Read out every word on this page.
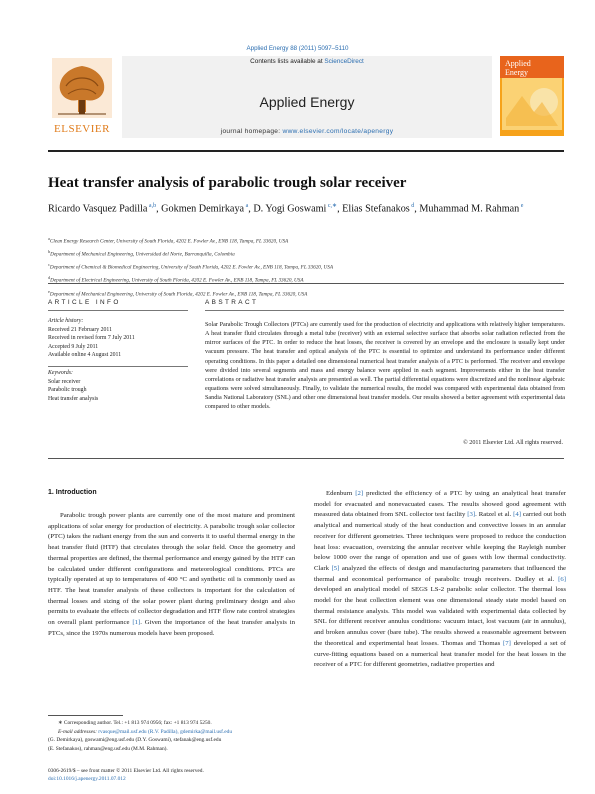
Applied Energy 88 (2011) 5097–5110
ELSEVIER
Contents lists available at ScienceDirect
Applied Energy
journal homepage: www.elsevier.com/locate/apenergy
Applied
Energy
Heat transfer analysis of parabolic trough solar receiver
Ricardo Vasquez Padilla $^{a,b}$, Gokmen Demirkaya $^a$, D. Yogi Goswami $^{c,∗}$, Elias Stefanakos $^d$, Muhammad M. Rahman $^e$
$^a$Clean Energy Research Center, University of South Florida, 4202 E. Fowler Av., ENB 118, Tampa, FL 33620, USA
$^b$Department of Mechanical Engineering, Universidad del Norte, Barranquilla, Colombia
$^c$Department of Chemical & Biomedical Engineering, University of South Florida, 4202 E. Fowler Av., ENB 118, Tampa, FL 33620, USA
$^d$Department of Electrical Engineering, University of South Florida, 4202 E. Fowler Av., ENB 118, Tampa, FL 33620, USA
$^e$Department of Mechanical Engineering, University of South Florida, 4202 E. Fowler Av., ENB 118, Tampa, FL 33620, USA
ARTICLE INFO	ABSTRACT
Article history:
Received 21 February 2011
Received in revised form 7 July 2011
Accepted 9 July 2011
Available online 4 August 2011
Keywords:
Solar receiver
Parabolic trough
Heat transfer analysis

Solar Parabolic Trough Collectors (PTCs) are currently used for the production of electricity and applications with relatively higher temperatures. A heat transfer fluid circulates through a metal tube (receiver) with an external selective surface that absorbs solar radiation reflected from the mirror surfaces of the PTC. In order to reduce the heat losses, the receiver is covered by an envelope and the enclosure is usually kept under vacuum pressure. The heat transfer and optical analysis of the PTC is essential to optimize and understand its performance under different operating conditions. In this paper a detailed one dimensional numerical heat transfer analysis of a PTC is performed. The receiver and envelope were divided into several segments and mass and energy balance were applied in each segment. Improvements either in the heat transfer correlations or radiative heat transfer analysis are presented as well. The partial differential equations were discretized and the nonlinear algebraic equations were solved simultaneously. Finally, to validate the numerical results, the model was compared with experimental data obtained from Sandia National Laboratory (SNL) and other one dimensional heat transfer models. Our results showed a better agreement with experimental data compared to other models.

© 2011 Elsevier Ltd. All rights reserved.
1. Introduction

Parabolic trough power plants are currently one of the most mature and prominent applications of solar energy for production of electricity. A parabolic trough solar collector (PTC) takes the radiant energy from the sun and converts it to useful thermal energy in the heat transfer fluid (HTF) that circulates through the solar field. Once the geometry and thermal properties are defined, the thermal performance and energy gained by the HTF can be calculated under different configurations and meteorological conditions. PTCs are typically operated at up to temperatures of 400 °C and synthetic oil is commonly used as HTF. The heat transfer analysis of these collectors is important for the calculation of thermal losses and sizing of the solar power plant during preliminary design and also permits to evaluate the effects of collector degradation and HTF flow rate control strategies on overall plant performance [1]. Given the importance of the heat transfer analysis in PTCs, since the 1970s numerous models have been proposed.

Edenburn [2] predicted the efficiency of a PTC by using an analytical heat transfer model for evacuated and nonevacuated cases. The results showed good agreement with measured data obtained from SNL collector test facility [3]. Ratzel et al. [4] carried out both analytical and numerical study of the heat conduction and convective losses in an annular receiver for different geometries. Three techniques were proposed to reduce the conduction heat loss: evacuation, oversizing the annular receiver while keeping the Rayleigh number below 1000 over the range of operation and use of gases with low thermal conductivity. Clark [5] analyzed the effects of design and manufacturing parameters that influenced the thermal and economical performance of parabolic trough receivers. Dudley et al. [6] developed an analytical model of SEGS LS-2 parabolic solar collector. The thermal loss model for the heat collection element was one dimensional steady state model based on thermal resistance analysis. This model was validated with experimental data collected by SNL for different receiver annulus conditions: vacuum intact, lost vacuum (air in annulus), and broken annulus cover (bare tube). The results showed a reasonable agreement between the theoretical and experimental heat losses. Thomas and Thomas [7] developed a set of curve-fitting equations based on a numerical heat transfer model for the heat losses in the receiver of a PTC for different geometries, radiative properties and

∗ Corresponding author. Tel.: +1 813 974 0956; fax: +1 813 974 5250.
E-mail addresses: rvasque@mail.usf.edu (R.V. Padilla), gdemirka@mail.usf.edu
(G. Demirkaya), goswami@eng.usf.edu (D.Y. Goswami), stefanak@eng.usf.edu
(E. Stefanakos), rahman@eng.usf.edu (M.M. Rahman).
0306-2619/$ – see front matter © 2011 Elsevier Ltd. All rights reserved.
doi:10.1016/j.apenergy.2011.07.012
